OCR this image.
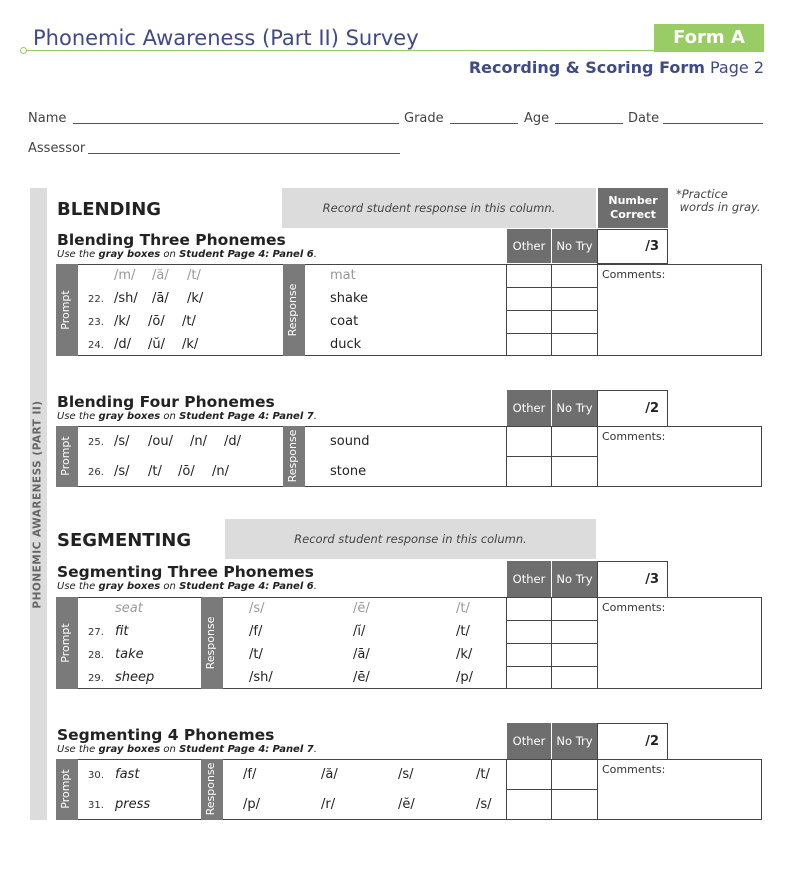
Phonemic Awareness (Part II) Survey	Form A
Recording & Scoring Form Page 2
Name	Grade	Age	Date
Assessor
PHONEMIC AWARENESS (PART II)
BLENDING	Record student response in this column.
Number
Correct
*Practice
words in gray.
Blending Three Phonemes
Use the gray boxes on Student Page 4: Panel 6.
Other No Try	/3
Prompt	Response
Comments:
/m/ /ă/ /t/	mat
22. /sh/ /ā/ /k/	shake
23. /k/ /ō/ /t/	coat
24. /d/ /ŭ/ /k/	duck
Blending Four Phonemes
Use the gray boxes on Student Page 4: Panel 7.
Other No Try	/2
Prompt	Response	Comments:
25. /s/ /ou/ /n/ /d/	sound
26. /s/ /t/ /ō/ /n/	stone
SEGMENTING	Record student response in this column.
Segmenting Three Phonemes
Use the gray boxes on Student Page 4: Panel 6.
Other No Try	/3
Prompt	Response
Comments:
seat	/s/	/ē/	/t/
27. fit	/f/	/ĭ/	/t/
28. take	/t/	/ā/	/k/
29. sheep	/sh/	/ē/	/p/
Segmenting 4 Phonemes
Use the gray boxes on Student Page 4: Panel 7.
Other No Try	/2
Prompt	Response	Comments:
30. fast	/f/	/ă/	/s/	/t/
31. press	/p/	/r/	/ĕ/	/s/
